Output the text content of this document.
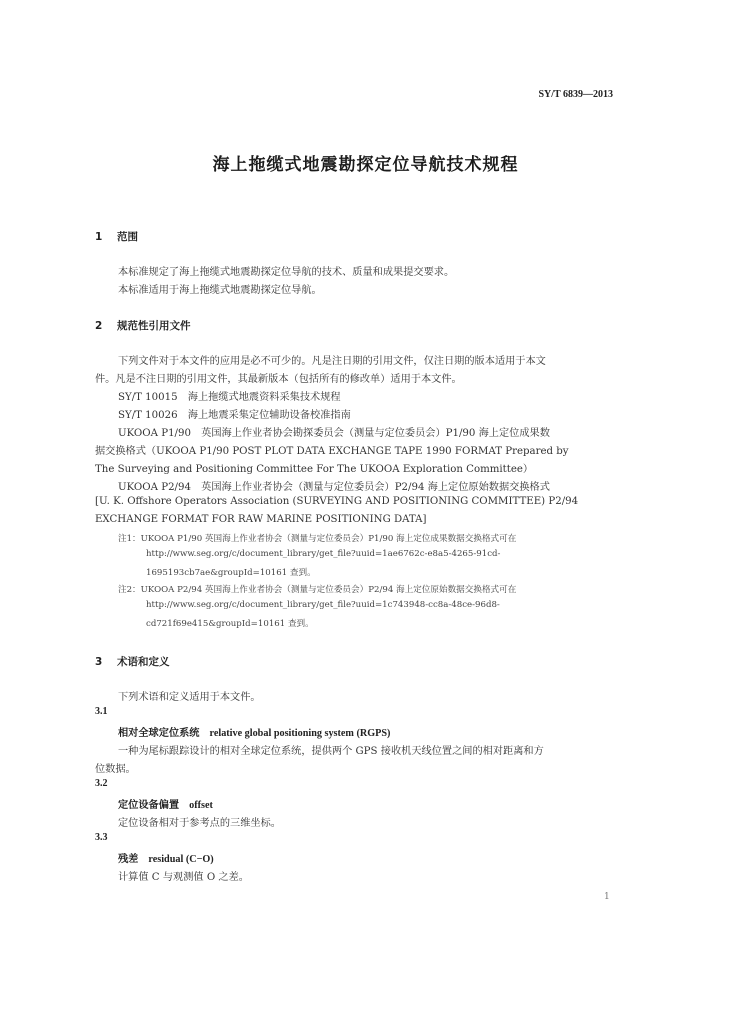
SY/T 6839—2013
海上拖缆式地震勘探定位导航技术规程
1 范围
本标准规定了海上拖缆式地震勘探定位导航的技术、质量和成果提交要求。
本标准适用于海上拖缆式地震勘探定位导航。
2 规范性引用文件
下列文件对于本文件的应用是必不可少的。凡是注日期的引用文件，仅注日期的版本适用于本文
件。凡是不注日期的引用文件，其最新版本（包括所有的修改单）适用于本文件。
SY/T 10015　海上拖缆式地震资料采集技术规程
SY/T 10026　海上地震采集定位辅助设备校准指南
UKOOA P1/90　英国海上作业者协会勘探委员会（测量与定位委员会）P1/90 海上定位成果数
据交换格式（UKOOA P1/90 POST PLOT DATA EXCHANGE TAPE 1990 FORMAT Prepared by
The Surveying and Positioning Committee For The UKOOA Exploration Committee）
UKOOA P2/94　英国海上作业者协会（测量与定位委员会）P2/94 海上定位原始数据交换格式
[U. K. Offshore Operators Association (SURVEYING AND POSITIONING COMMITTEE) P2/94
EXCHANGE FORMAT FOR RAW MARINE POSITIONING DATA]
注1：UKOOA P1/90 英国海上作业者协会（测量与定位委员会）P1/90 海上定位成果数据交换格式可在
http://www.seg.org/c/document_library/get_file?uuid=1ae6762c-e8a5-4265-91cd-
1695193cb7ae&groupId=10161 查到。
注2：UKOOA P2/94 英国海上作业者协会（测量与定位委员会）P2/94 海上定位原始数据交换格式可在
http://www.seg.org/c/document_library/get_file?uuid=1c743948-cc8a-48ce-96d8-
cd721f69e415&groupId=10161 查到。
3 术语和定义
下列术语和定义适用于本文件。
3.1
相对全球定位系统 relative global positioning system (RGPS)
一种为尾标跟踪设计的相对全球定位系统，提供两个 GPS 接收机天线位置之间的相对距离和方
位数据。
3.2
定位设备偏置 offset
定位设备相对于参考点的三维坐标。
3.3
残差 residual (C−O)
计算值 C 与观测值 O 之差。
1
